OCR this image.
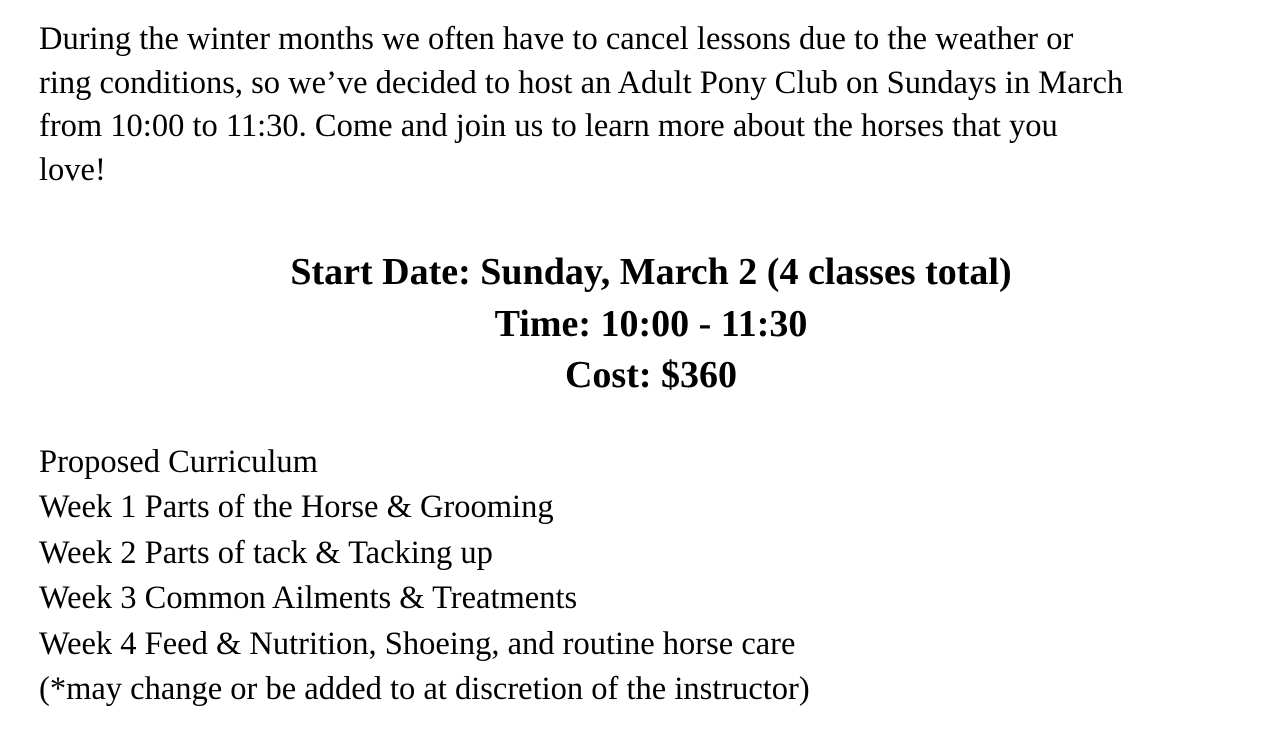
During the winter months we often have to cancel lessons due to the weather or
ring conditions, so we’ve decided to host an Adult Pony Club on Sundays in March
from 10:00 to 11:30. Come and join us to learn more about the horses that you
love!

Start Date: Sunday, March 2 (4 classes total)
Time: 10:00 - 11:30
Cost: $360
Proposed Curriculum
Week 1 Parts of the Horse & Grooming
Week 2 Parts of tack & Tacking up
Week 3 Common Ailments & Treatments
Week 4 Feed & Nutrition, Shoeing, and routine horse care
(*may change or be added to at discretion of the instructor)
